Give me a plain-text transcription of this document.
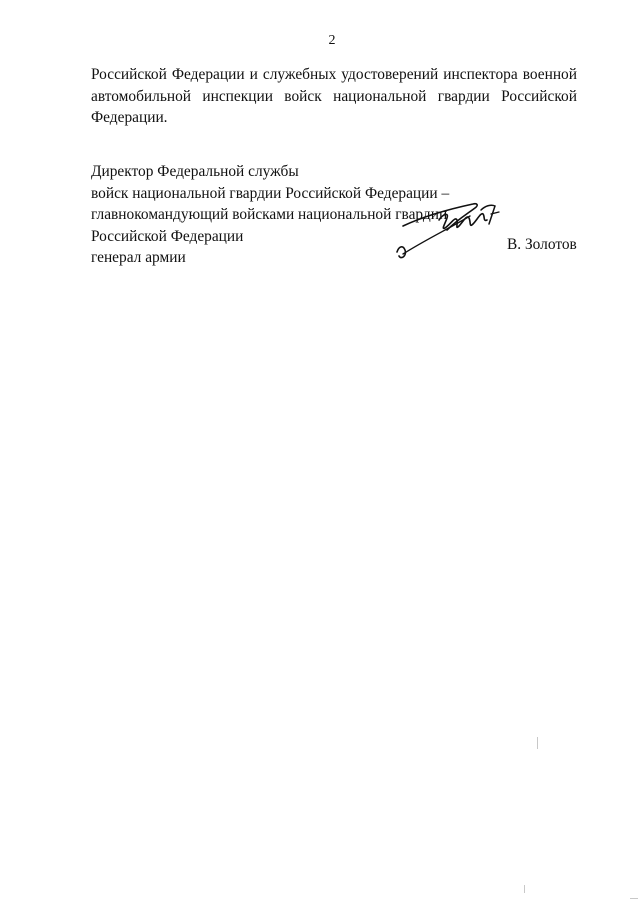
2

Российской Федерации и служебных удостоверений инспектора военной автомобильной инспекции войск национальной гвардии Российской Федерации.

Директор Федеральной службы
войск национальной гвардии Российской Федерации –
главнокомандующий войсками национальной гвардии
Российской Федерации
генерал армии
В. Золотов
